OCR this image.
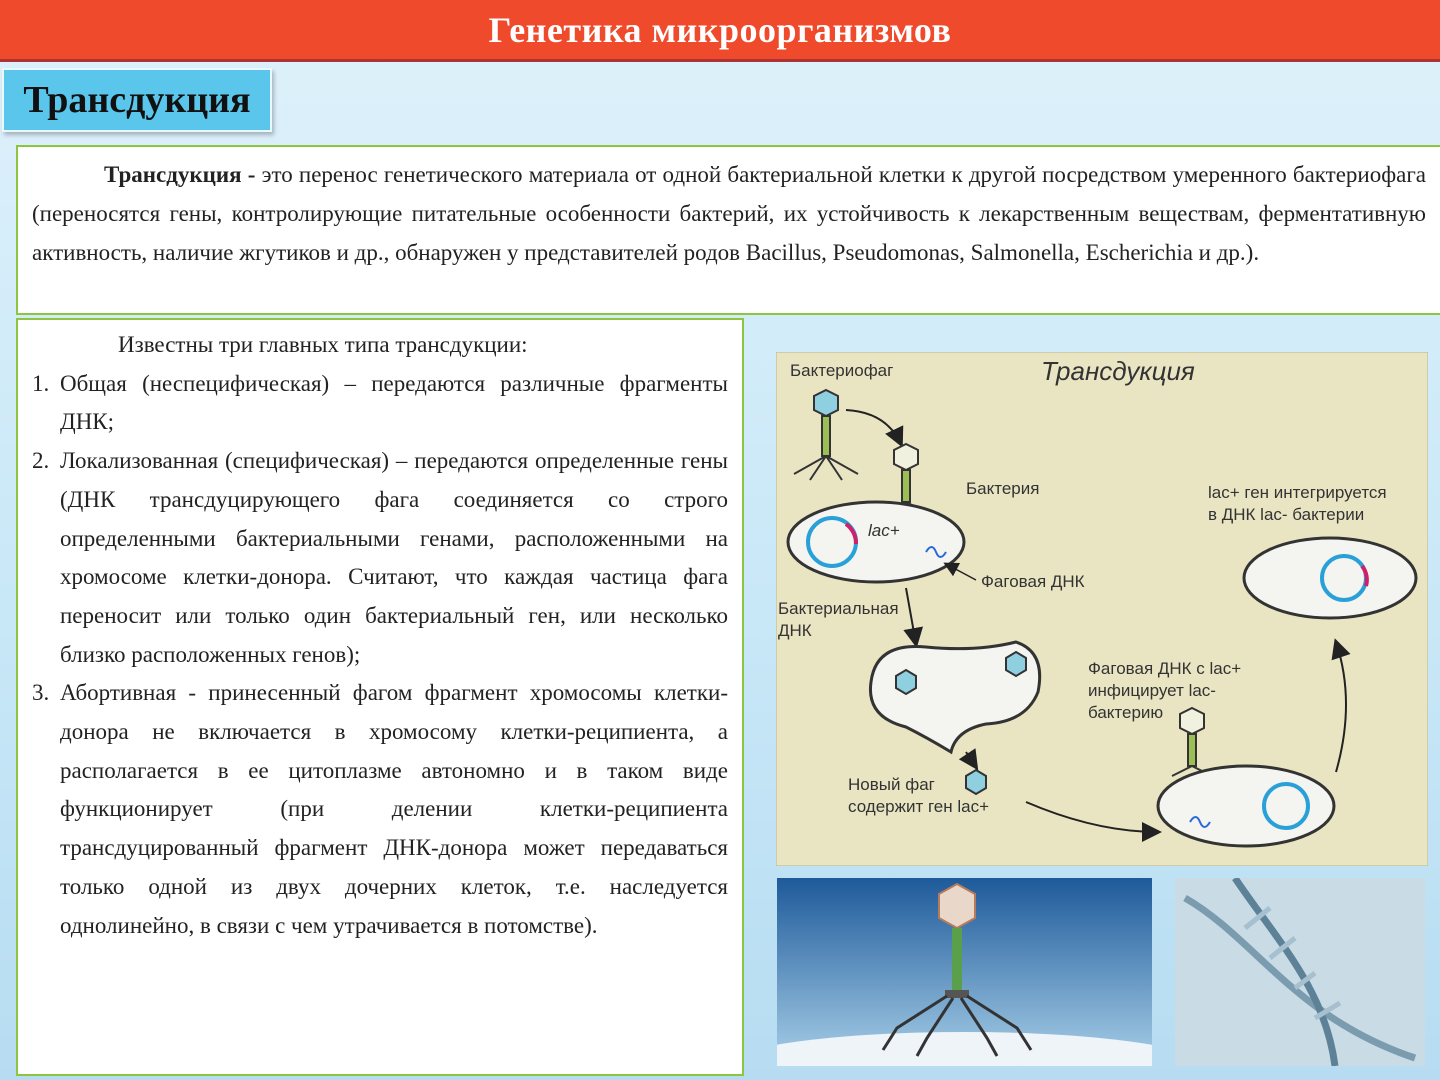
Генетика микроорганизмов
Трансдукция
Трансдукция - это перенос генетического материала от одной бактериальной клетки к другой посредством умеренного бактериофага (переносятся гены, контролирующие питательные особенности бактерий, их устойчивость к лекарственным веществам, ферментативную активность, наличие жгутиков и др., обнаружен у представителей родов Bacillus, Pseudomonas, Salmonella, Escherichia и др.).

Известны три главных типа трансдукции:

1. Общая (неспецифическая) – передаются различные фрагменты ДНК;
2. Локализованная (специфическая) – передаются определенные гены (ДНК трансдуцирующего фага соединяется со строго определенными бактериальными генами, расположенными на хромосоме клетки-донора. Считают, что каждая частица фага переносит или только один бактериальный ген, или несколько близко расположенных генов);
3. Абортивная - принесенный фагом фрагмент хромосомы клетки-донора не включается в хромосому клетки-реципиента, а располагается в ее цитоплазме автономно и в таком виде функционирует (при делении клетки-реципиента трансдуцированный фрагмент ДНК-донора может передаваться только одной из двух дочерних клеток, т.е. наследуется однолинейно, в связи с чем утрачивается в потомстве).
Трансдукция
Бактериофаг
Бактерия
lac+
Фаговая ДНК
Бактериальная
ДНК
Новый фаг
содержит ген lac+
Фаговая ДНК с lac+
инфицирует lac-
бактерию
lac+ ген интегрируется
в ДНК lac- бактерии
